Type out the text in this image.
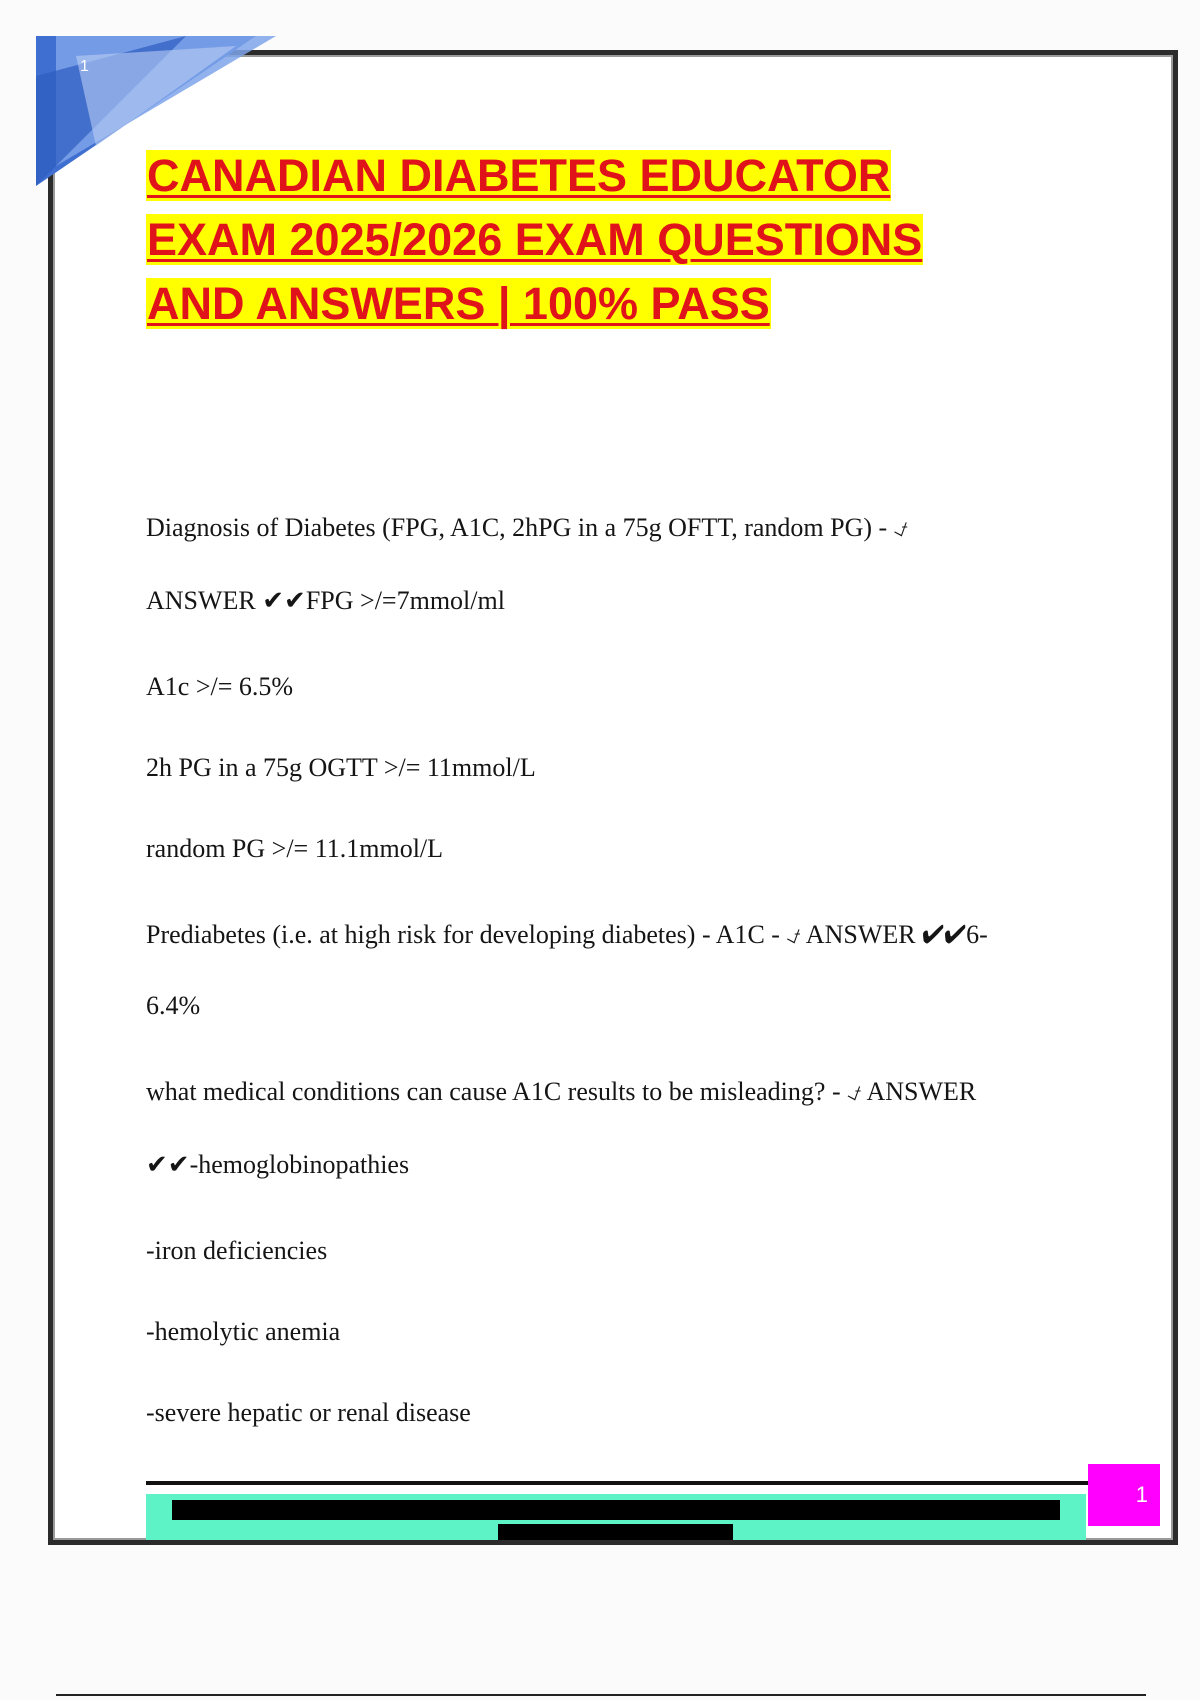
1
CANADIAN DIABETES EDUCATOR
EXAM 2025/2026 EXAM QUESTIONS
AND ANSWERS | 100% PASS

Diagnosis of Diabetes (FPG, A1C, 2hPG in a 75g OFTT, random PG) - ⍻

ANSWER ✔✔FPG >/=7mmol/ml

A1c >/= 6.5%

2h PG in a 75g OGTT >/= 11mmol/L

random PG >/= 11.1mmol/L

Prediabetes (i.e. at high risk for developing diabetes) - A1C - ⍻ ANSWER ✔✔6-

6.4%

what medical conditions can cause A1C results to be misleading? - ⍻ ANSWER

✔✔-hemoglobinopathies

-iron deficiencies

-hemolytic anemia

-severe hepatic or renal disease

1
